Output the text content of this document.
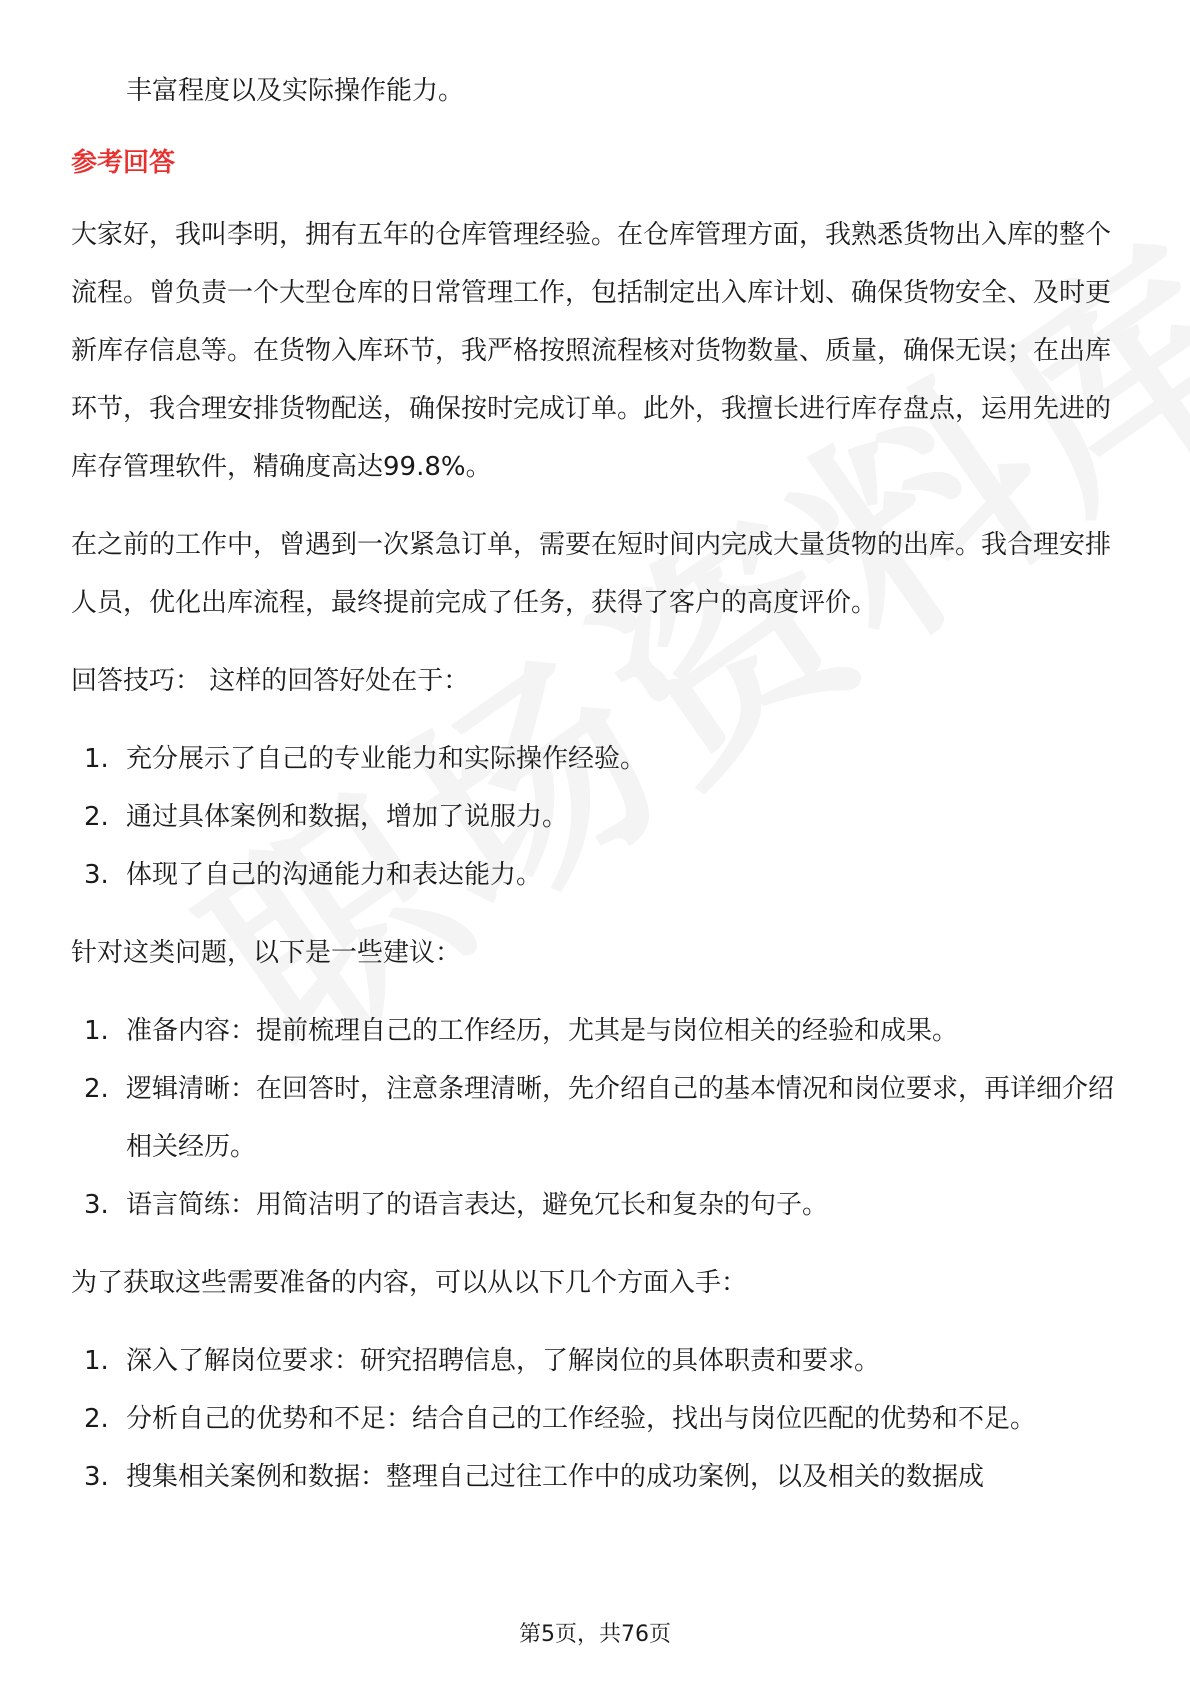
丰富程度以及实际操作能力。

参考回答

大家好，我叫李明，拥有五年的仓库管理经验。在仓库管理方面，我熟悉货物出入库的整个流程。曾负责一个大型仓库的日常管理工作，包括制定出入库计划、确保货物安全、及时更新库存信息等。在货物入库环节，我严格按照流程核对货物数量、质量，确保无误；在出库环节，我合理安排货物配送，确保按时完成订单。此外，我擅长进行库存盘点，运用先进的库存管理软件，精确度高达99.8%。

在之前的工作中，曾遇到一次紧急订单，需要在短时间内完成大量货物的出库。我合理安排人员，优化出库流程，最终提前完成了任务，获得了客户的高度评价。

回答技巧： 这样的回答好处在于：

1. 充分展示了自己的专业能力和实际操作经验。
2. 通过具体案例和数据，增加了说服力。
3. 体现了自己的沟通能力和表达能力。

针对这类问题，以下是一些建议：

1. 准备内容：提前梳理自己的工作经历，尤其是与岗位相关的经验和成果。
2. 逻辑清晰：在回答时，注意条理清晰，先介绍自己的基本情况和岗位要求，再详细介绍相关经历。
3. 语言简练：用简洁明了的语言表达，避免冗长和复杂的句子。

为了获取这些需要准备的内容，可以从以下几个方面入手：

1. 深入了解岗位要求：研究招聘信息，了解岗位的具体职责和要求。
2. 分析自己的优势和不足：结合自己的工作经验，找出与岗位匹配的优势和不足。
3. 搜集相关案例和数据：整理自己过往工作中的成功案例，以及相关的数据成
第5页，共76页
